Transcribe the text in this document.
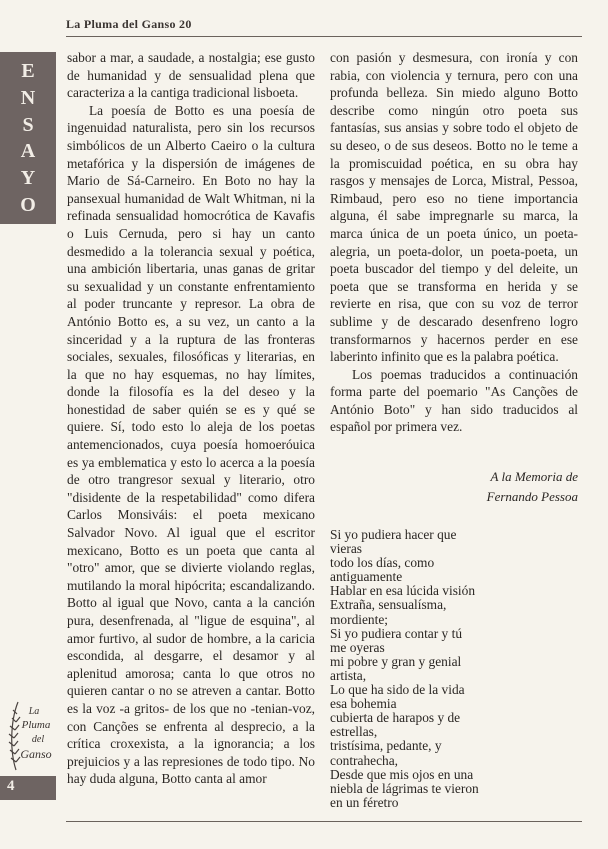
La Pluma del Ganso 20
E
N
S
A
Y
O

sabor a mar, a saudade, a nostalgia; ese gusto de humanidad y de sensualidad plena que caracteriza a la cantiga tradicional lisboeta.

La poesía de Botto es una poesía de ingenuidad naturalista, pero sin los recursos simbólicos de un Alberto Caeiro o la cultura metafórica y la dispersión de imágenes de Mario de Sá-Carneiro. En Boto no hay la pansexual humanidad de Walt Whitman, ni la refinada sensualidad homocrótica de Kavafis o Luis Cernuda, pero si hay un canto desmedido a la tolerancia sexual y poética, una ambición libertaria, unas ganas de gritar su sexualidad y un constante enfrentamiento al poder truncante y represor. La obra de António Botto es, a su vez, un canto a la sinceridad y a la ruptura de las fronteras sociales, sexuales, filosóficas y literarias, en la que no hay esquemas, no hay límites, donde la filosofía es la del deseo y la honestidad de saber quién se es y qué se quiere. Sí, todo esto lo aleja de los poetas antemencionados, cuya poesía homoeróuica es ya emblematica y esto lo acerca a la poesía de otro trangresor sexual y literario, otro "disidente de la respetabilidad" como difera Carlos Monsiváis: el poeta mexicano Salvador Novo. Al igual que el escritor mexicano, Botto es un poeta que canta al "otro" amor, que se divierte violando reglas, mutilando la moral hipócrita; escandalizando. Botto al igual que Novo, canta a la canción pura, desenfrenada, al "ligue de esquina", al amor furtivo, al sudor de hombre, a la caricia escondida, al desgarre, el desamor y al aplenitud amorosa; canta lo que otros no quieren cantar o no se atreven a cantar. Botto es la voz -a gritos- de los que no -tenian-voz, con Canções se enfrenta al desprecio, a la crítica croxexista, a la ignorancia; a los prejuicios y a las represiones de todo tipo. No hay duda alguna, Botto canta al amor

con pasión y desmesura, con ironía y con rabia, con violencia y ternura, pero con una profunda belleza. Sin miedo alguno Botto describe como ningún otro poeta sus fantasías, sus ansias y sobre todo el objeto de su deseo, o de sus deseos. Botto no le teme a la promiscuidad poética, en su obra hay rasgos y mensajes de Lorca, Mistral, Pessoa, Rimbaud, pero eso no tiene importancia alguna, él sabe impregnarle su marca, la marca única de un poeta único, un poeta-alegria, un poeta-dolor, un poeta-poeta, un poeta buscador del tiempo y del deleite, un poeta que se transforma en herida y se revierte en risa, que con su voz de terror sublime y de descarado desenfreno logro transformarnos y hacernos perder en ese laberinto infinito que es la palabra poética.

Los poemas traducidos a continuación forma parte del poemario "As Canções de António Boto" y han sido traducidos al español por primera vez.

A la Memoria de
Fernando Pessoa
Si yo pudiera hacer que
vieras
todo los días, como
antiguamente
Hablar en esa lúcida visión
Extraña, sensualísma,
mordiente;
Si yo pudiera contar y tú
me oyeras
mi pobre y gran y genial
artista,
Lo que ha sido de la vida
esa bohemia
cubierta de harapos y de
estrellas,
tristísima, pedante, y
contrahecha,
Desde que mis ojos en una
niebla de lágrimas te vieron
en un féretro
La
Pluma
del
Ganso
4
